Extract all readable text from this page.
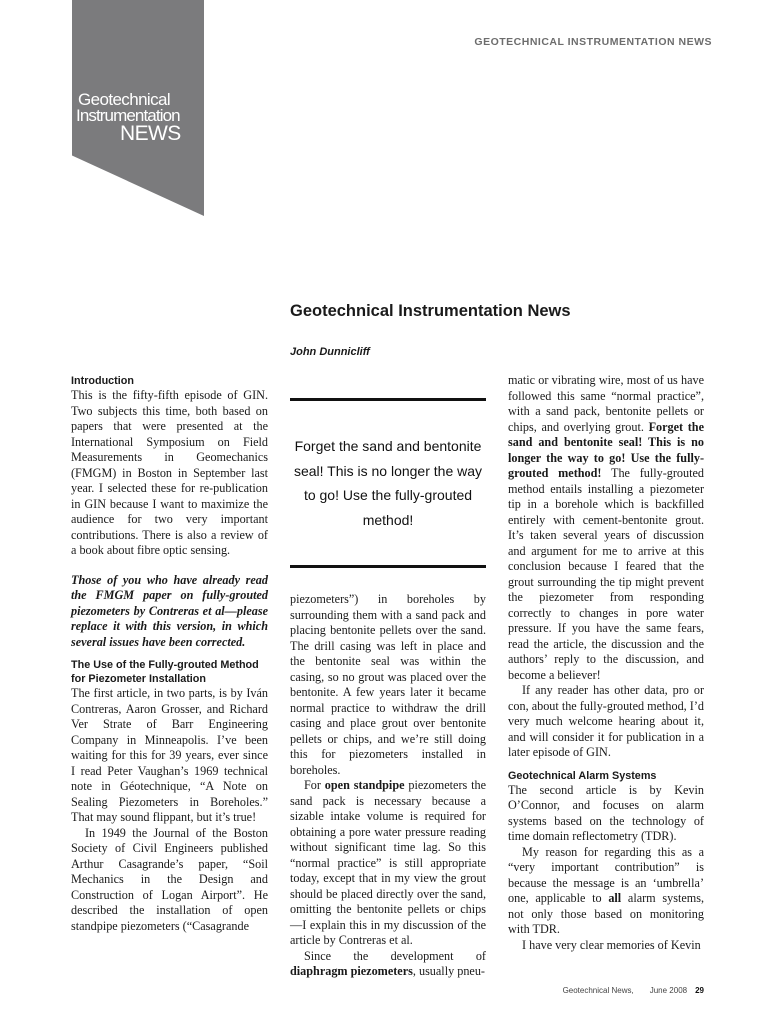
GEOTECHNICAL INSTRUMENTATION NEWS
Geotechnical
Instrumentation
NEWS
Geotechnical Instrumentation News
John Dunnicliff
Introduction

This is the fifty-fifth episode of GIN. Two subjects this time, both based on papers that were presented at the International Symposium on Field Measurements in Geomechanics (FMGM) in Boston in September last year. I selected these for re-publication in GIN because I want to maximize the audience for two very important contributions. There is also a review of a book about fibre optic sensing.

Those of you who have already read the FMGM paper on fully-grouted piezometers by Contreras et al—please replace it with this version, in which several issues have been corrected.

The Use of the Fully-grouted Method for Piezometer Installation

The first article, in two parts, is by Iván Contreras, Aaron Grosser, and Richard Ver Strate of Barr Engineering Company in Minneapolis. I’ve been waiting for this for 39 years, ever since I read Peter Vaughan’s 1969 technical note in Géotechnique, “A Note on Sealing Piezometers in Boreholes.” That may sound flippant, but it’s true!

In 1949 the Journal of the Boston Society of Civil Engineers published Arthur Casagrande’s paper, “Soil Mechanics in the Design and Construction of Logan Airport”. He described the installation of open standpipe piezometers (“Casagrande

Forget the sand and bentonite seal! This is no longer the way to go! Use the fully-grouted method!

piezometers”) in boreholes by surrounding them with a sand pack and placing bentonite pellets over the sand. The drill casing was left in place and the bentonite seal was within the casing, so no grout was placed over the bentonite. A few years later it became normal practice to withdraw the drill casing and place grout over bentonite pellets or chips, and we’re still doing this for piezometers installed in boreholes.

For open standpipe piezometers the sand pack is necessary because a sizable intake volume is required for obtaining a pore water pressure reading without significant time lag. So this “normal practice” is still appropriate today, except that in my view the grout should be placed directly over the sand, omitting the bentonite pellets or chips—I explain this in my discussion of the article by Contreras et al.

Since the development of diaphragm piezometers, usually pneu-

matic or vibrating wire, most of us have followed this same “normal practice”, with a sand pack, bentonite pellets or chips, and overlying grout. Forget the sand and bentonite seal! This is no longer the way to go! Use the fully-grouted method! The fully-grouted method entails installing a piezometer tip in a borehole which is backfilled entirely with cement-bentonite grout. It’s taken several years of discussion and argument for me to arrive at this conclusion because I feared that the grout surrounding the tip might prevent the piezometer from responding correctly to changes in pore water pressure. If you have the same fears, read the article, the discussion and the authors’ reply to the discussion, and become a believer!

If any reader has other data, pro or con, about the fully-grouted method, I’d very much welcome hearing about it, and will consider it for publication in a later episode of GIN.

Geotechnical Alarm Systems

The second article is by Kevin O’Connor, and focuses on alarm systems based on the technology of time domain reflectometry (TDR).

My reason for regarding this as a “very important contribution” is because the message is an ‘umbrella’ one, applicable to all alarm systems, not only those based on monitoring with TDR.

I have very clear memories of Kevin

Geotechnical News, June 2008 29
